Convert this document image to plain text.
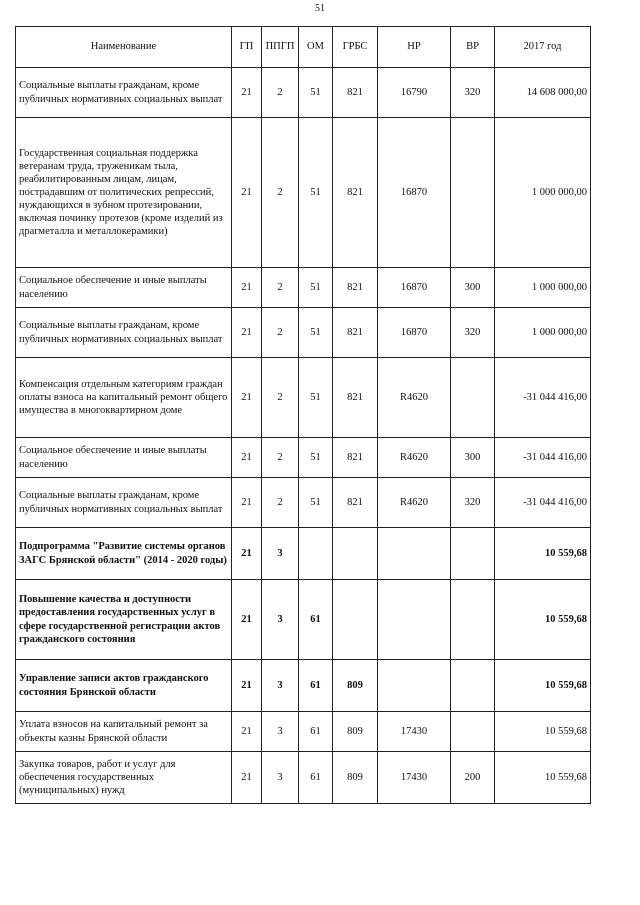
51
Наименование	ГП	ППГП	ОМ	ГРБС	НР	ВР	2017 год
Социальные выплаты гражданам, кроме публичных нормативных социальных выплат	21	2	51	821	16790	320	14 608 000,00
Государственная социальная поддержка ветеранам труда, труженикам тыла, реабилитированным лицам, лицам, пострадавшим от политических репрессий, нуждающихся в зубном протезировании, включая починку протезов (кроме изделий из драгметалла и металлокерамики)	21	2	51	821	16870		1 000 000,00
Социальное обеспечение и иные выплаты населению	21	2	51	821	16870	300	1 000 000,00
Социальные выплаты гражданам, кроме публичных нормативных социальных выплат	21	2	51	821	16870	320	1 000 000,00
Компенсация отдельным категориям граждан оплаты взноса на капитальный ремонт общего имущества в многоквартирном доме	21	2	51	821	R4620		-31 044 416,00
Социальное обеспечение и иные выплаты населению	21	2	51	821	R4620	300	-31 044 416,00
Социальные выплаты гражданам, кроме публичных нормативных социальных выплат	21	2	51	821	R4620	320	-31 044 416,00
Подпрограмма "Развитие системы органов ЗАГС Брянской области" (2014 - 2020 годы)	21	3					10 559,68
Повышение качества и доступности предоставления государственных услуг в сфере государственной регистрации актов гражданского состояния	21	3	61				10 559,68
Управление записи актов гражданского состояния Брянской области	21	3	61	809			10 559,68
Уплата взносов на капитальный ремонт за объекты казны Брянской области	21	3	61	809	17430		10 559,68
Закупка товаров, работ и услуг для обеспечения государственных (муниципальных) нужд	21	3	61	809	17430	200	10 559,68
